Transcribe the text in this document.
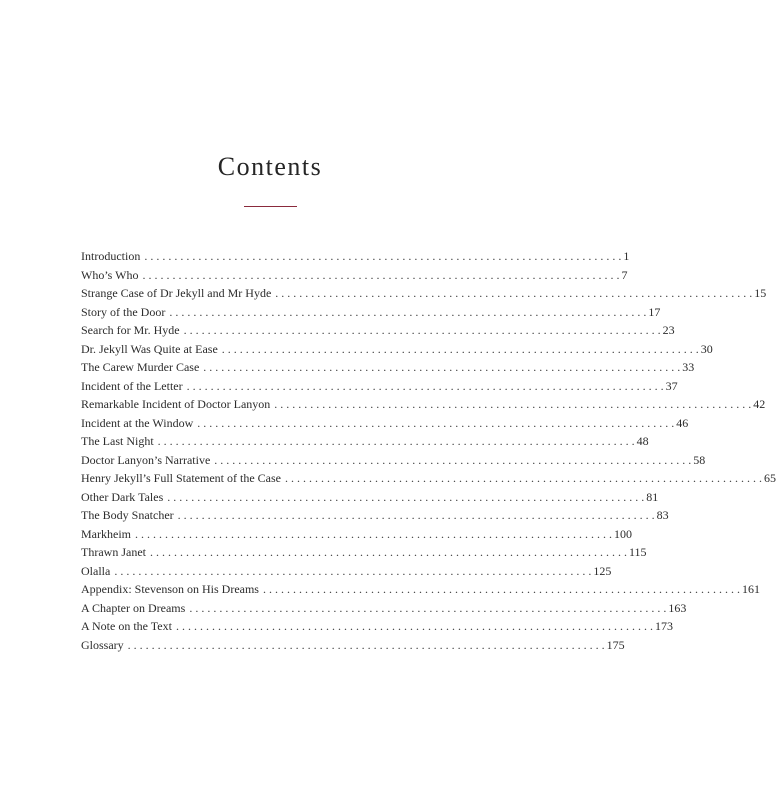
Contents
Introduction . . . . . . . . . . . . . . . . . . . . . . . . . . . . . . . . . . . . . . . . . . . . . . . . . . . . . . . . . . . . . . . . . . . . . . . . . . . . . . . . 1
Who’s Who . . . . . . . . . . . . . . . . . . . . . . . . . . . . . . . . . . . . . . . . . . . . . . . . . . . . . . . . . . . . . . . . . . . . . . . . . . . . . . . . 7
Strange Case of Dr Jekyll and Mr Hyde . . . . . . . . . . . . . . . . . . . . . . . . . . . . . . . . . . . . . . . . . . . . . . . . . . . . . . . . . . . . . . . . . . . . . . . . . . . . . . . . 15
Story of the Door . . . . . . . . . . . . . . . . . . . . . . . . . . . . . . . . . . . . . . . . . . . . . . . . . . . . . . . . . . . . . . . . . . . . . . . . . . . . . . . . 17
Search for Mr. Hyde . . . . . . . . . . . . . . . . . . . . . . . . . . . . . . . . . . . . . . . . . . . . . . . . . . . . . . . . . . . . . . . . . . . . . . . . . . . . . . . . 23
Dr. Jekyll Was Quite at Ease . . . . . . . . . . . . . . . . . . . . . . . . . . . . . . . . . . . . . . . . . . . . . . . . . . . . . . . . . . . . . . . . . . . . . . . . . . . . . . . . 30
The Carew Murder Case . . . . . . . . . . . . . . . . . . . . . . . . . . . . . . . . . . . . . . . . . . . . . . . . . . . . . . . . . . . . . . . . . . . . . . . . . . . . . . . . 33
Incident of the Letter . . . . . . . . . . . . . . . . . . . . . . . . . . . . . . . . . . . . . . . . . . . . . . . . . . . . . . . . . . . . . . . . . . . . . . . . . . . . . . . . 37
Remarkable Incident of Doctor Lanyon . . . . . . . . . . . . . . . . . . . . . . . . . . . . . . . . . . . . . . . . . . . . . . . . . . . . . . . . . . . . . . . . . . . . . . . . . . . . . . . . 42
Incident at the Window . . . . . . . . . . . . . . . . . . . . . . . . . . . . . . . . . . . . . . . . . . . . . . . . . . . . . . . . . . . . . . . . . . . . . . . . . . . . . . . . 46
The Last Night . . . . . . . . . . . . . . . . . . . . . . . . . . . . . . . . . . . . . . . . . . . . . . . . . . . . . . . . . . . . . . . . . . . . . . . . . . . . . . . . 48
Doctor Lanyon’s Narrative . . . . . . . . . . . . . . . . . . . . . . . . . . . . . . . . . . . . . . . . . . . . . . . . . . . . . . . . . . . . . . . . . . . . . . . . . . . . . . . . 58
Henry Jekyll’s Full Statement of the Case . . . . . . . . . . . . . . . . . . . . . . . . . . . . . . . . . . . . . . . . . . . . . . . . . . . . . . . . . . . . . . . . . . . . . . . . . . . . . . . . 65
Other Dark Tales . . . . . . . . . . . . . . . . . . . . . . . . . . . . . . . . . . . . . . . . . . . . . . . . . . . . . . . . . . . . . . . . . . . . . . . . . . . . . . . . 81
The Body Snatcher . . . . . . . . . . . . . . . . . . . . . . . . . . . . . . . . . . . . . . . . . . . . . . . . . . . . . . . . . . . . . . . . . . . . . . . . . . . . . . . . 83
Markheim . . . . . . . . . . . . . . . . . . . . . . . . . . . . . . . . . . . . . . . . . . . . . . . . . . . . . . . . . . . . . . . . . . . . . . . . . . . . . . . . 100
Thrawn Janet . . . . . . . . . . . . . . . . . . . . . . . . . . . . . . . . . . . . . . . . . . . . . . . . . . . . . . . . . . . . . . . . . . . . . . . . . . . . . . . . 115
Olalla . . . . . . . . . . . . . . . . . . . . . . . . . . . . . . . . . . . . . . . . . . . . . . . . . . . . . . . . . . . . . . . . . . . . . . . . . . . . . . . . 125
Appendix: Stevenson on His Dreams . . . . . . . . . . . . . . . . . . . . . . . . . . . . . . . . . . . . . . . . . . . . . . . . . . . . . . . . . . . . . . . . . . . . . . . . . . . . . . . . 161
A Chapter on Dreams . . . . . . . . . . . . . . . . . . . . . . . . . . . . . . . . . . . . . . . . . . . . . . . . . . . . . . . . . . . . . . . . . . . . . . . . . . . . . . . . 163
A Note on the Text . . . . . . . . . . . . . . . . . . . . . . . . . . . . . . . . . . . . . . . . . . . . . . . . . . . . . . . . . . . . . . . . . . . . . . . . . . . . . . . . 173
Glossary . . . . . . . . . . . . . . . . . . . . . . . . . . . . . . . . . . . . . . . . . . . . . . . . . . . . . . . . . . . . . . . . . . . . . . . . . . . . . . . . 175
